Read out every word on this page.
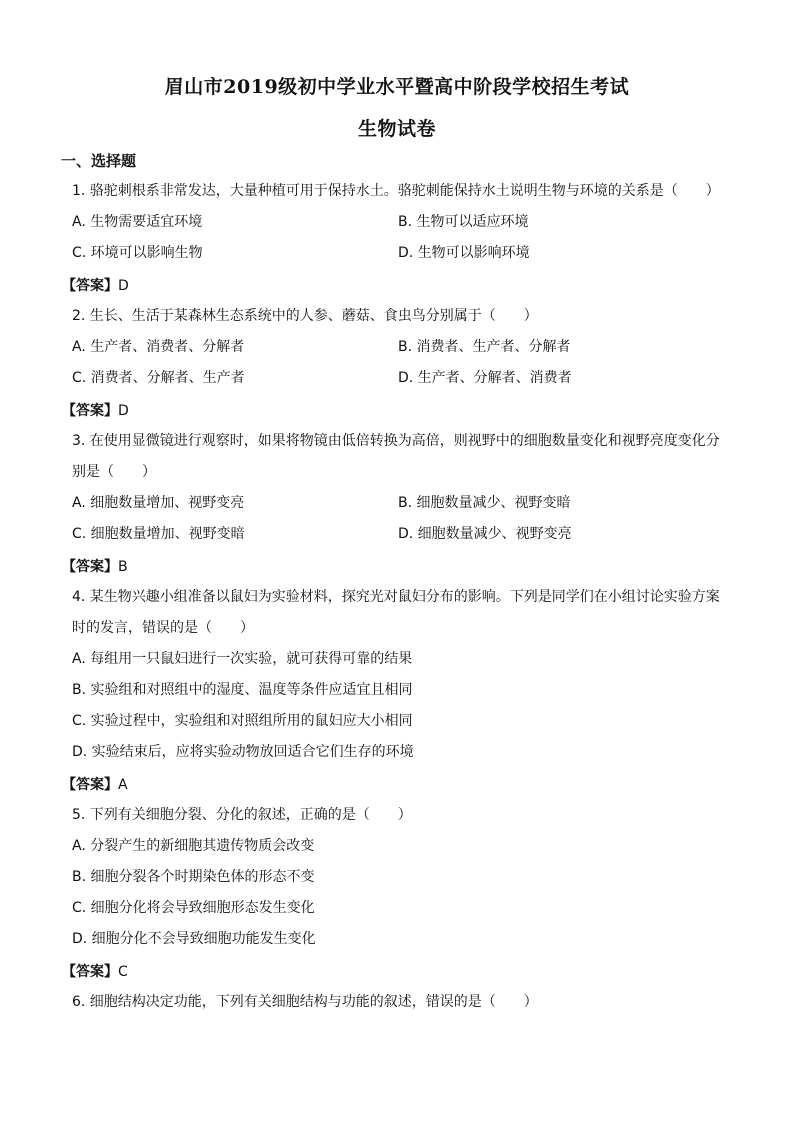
眉山市2019级初中学业水平暨高中阶段学校招生考试
生物试卷
一、选择题
1. 骆驼刺根系非常发达，大量种植可用于保持水土。骆驼刺能保持水土说明生物与环境的关系是（　　）
A. 生物需要适宜环境	B. 生物可以适应环境
C. 环境可以影响生物	D. 生物可以影响环境
【答案】D
2. 生长、生活于某森林生态系统中的人参、蘑菇、食虫鸟分别属于（　　）
A. 生产者、消费者、分解者	B. 消费者、生产者、分解者
C. 消费者、分解者、生产者	D. 生产者、分解者、消费者
【答案】D
3. 在使用显微镜进行观察时，如果将物镜由低倍转换为高倍，则视野中的细胞数量变化和视野亮度变化分
别是（　　）
A. 细胞数量增加、视野变亮	B. 细胞数量减少、视野变暗
C. 细胞数量增加、视野变暗	D. 细胞数量减少、视野变亮
【答案】B
4. 某生物兴趣小组准备以鼠妇为实验材料，探究光对鼠妇分布的影响。下列是同学们在小组讨论实验方案
时的发言，错误的是（　　）
A. 每组用一只鼠妇进行一次实验，就可获得可靠的结果
B. 实验组和对照组中的湿度、温度等条件应适宜且相同
C. 实验过程中，实验组和对照组所用的鼠妇应大小相同
D. 实验结束后，应将实验动物放回适合它们生存的环境
【答案】A
5. 下列有关细胞分裂、分化的叙述，正确的是（　　）
A. 分裂产生的新细胞其遗传物质会改变
B. 细胞分裂各个时期染色体的形态不变
C. 细胞分化将会导致细胞形态发生变化
D. 细胞分化不会导致细胞功能发生变化
【答案】C
6. 细胞结构决定功能，下列有关细胞结构与功能的叙述，错误的是（　　）
